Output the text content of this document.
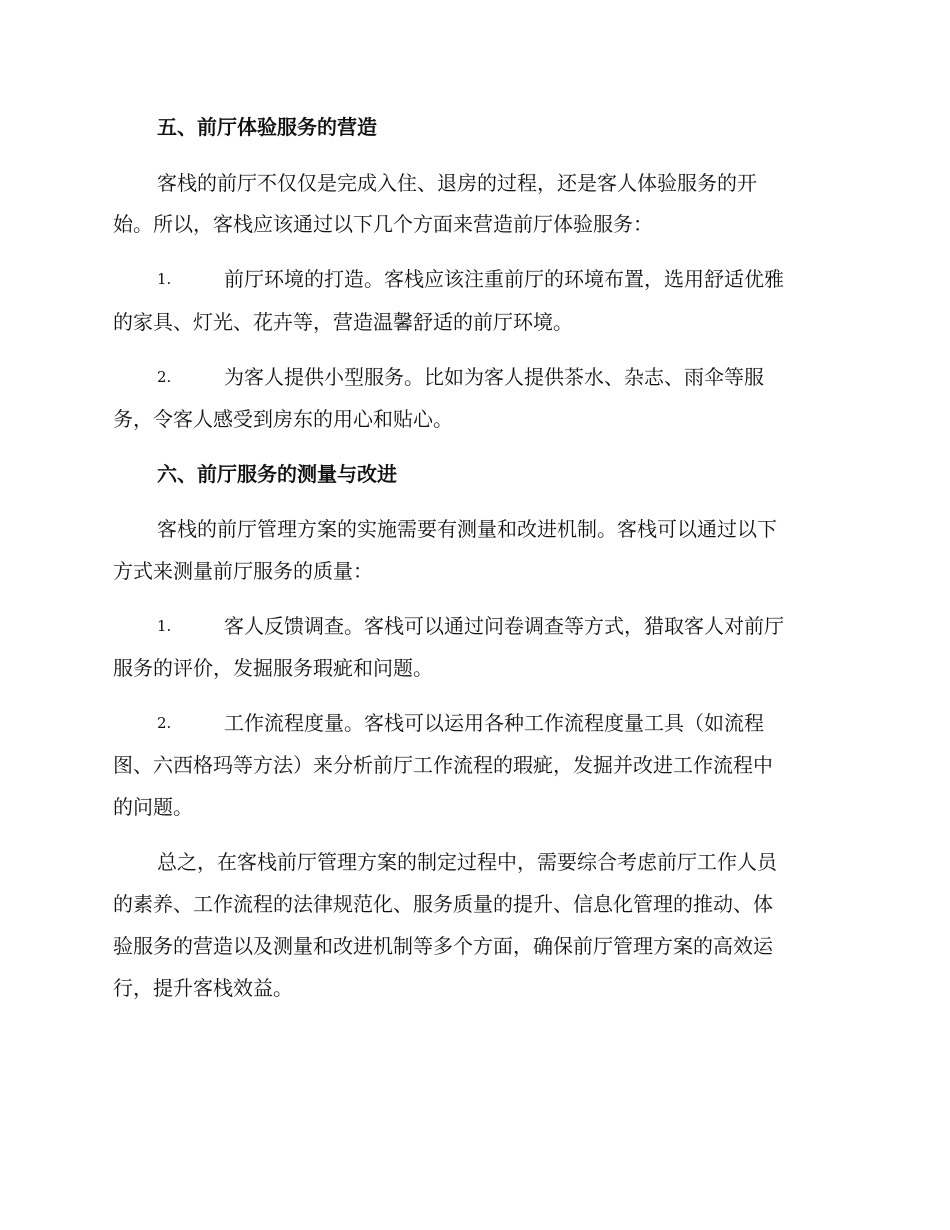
五、前厅体验服务的营造
客栈的前厅不仅仅是完成入住、退房的过程，还是客人体验服务的开
始。所以，客栈应该通过以下几个方面来营造前厅体验服务：
1.	前厅环境的打造。客栈应该注重前厅的环境布置，选用舒适优雅
的家具、灯光、花卉等，营造温馨舒适的前厅环境。
2.	为客人提供小型服务。比如为客人提供茶水、杂志、雨伞等服
务，令客人感受到房东的用心和贴心。
六、前厅服务的测量与改进
客栈的前厅管理方案的实施需要有测量和改进机制。客栈可以通过以下
方式来测量前厅服务的质量：
1.	客人反馈调查。客栈可以通过问卷调查等方式，猎取客人对前厅
服务的评价，发掘服务瑕疵和问题。
2.	工作流程度量。客栈可以运用各种工作流程度量工具（如流程
图、六西格玛等方法）来分析前厅工作流程的瑕疵，发掘并改进工作流程中
的问题。
总之，在客栈前厅管理方案的制定过程中，需要综合考虑前厅工作人员
的素养、工作流程的法律规范化、服务质量的提升、信息化管理的推动、体
验服务的营造以及测量和改进机制等多个方面，确保前厅管理方案的高效运
行，提升客栈效益。
